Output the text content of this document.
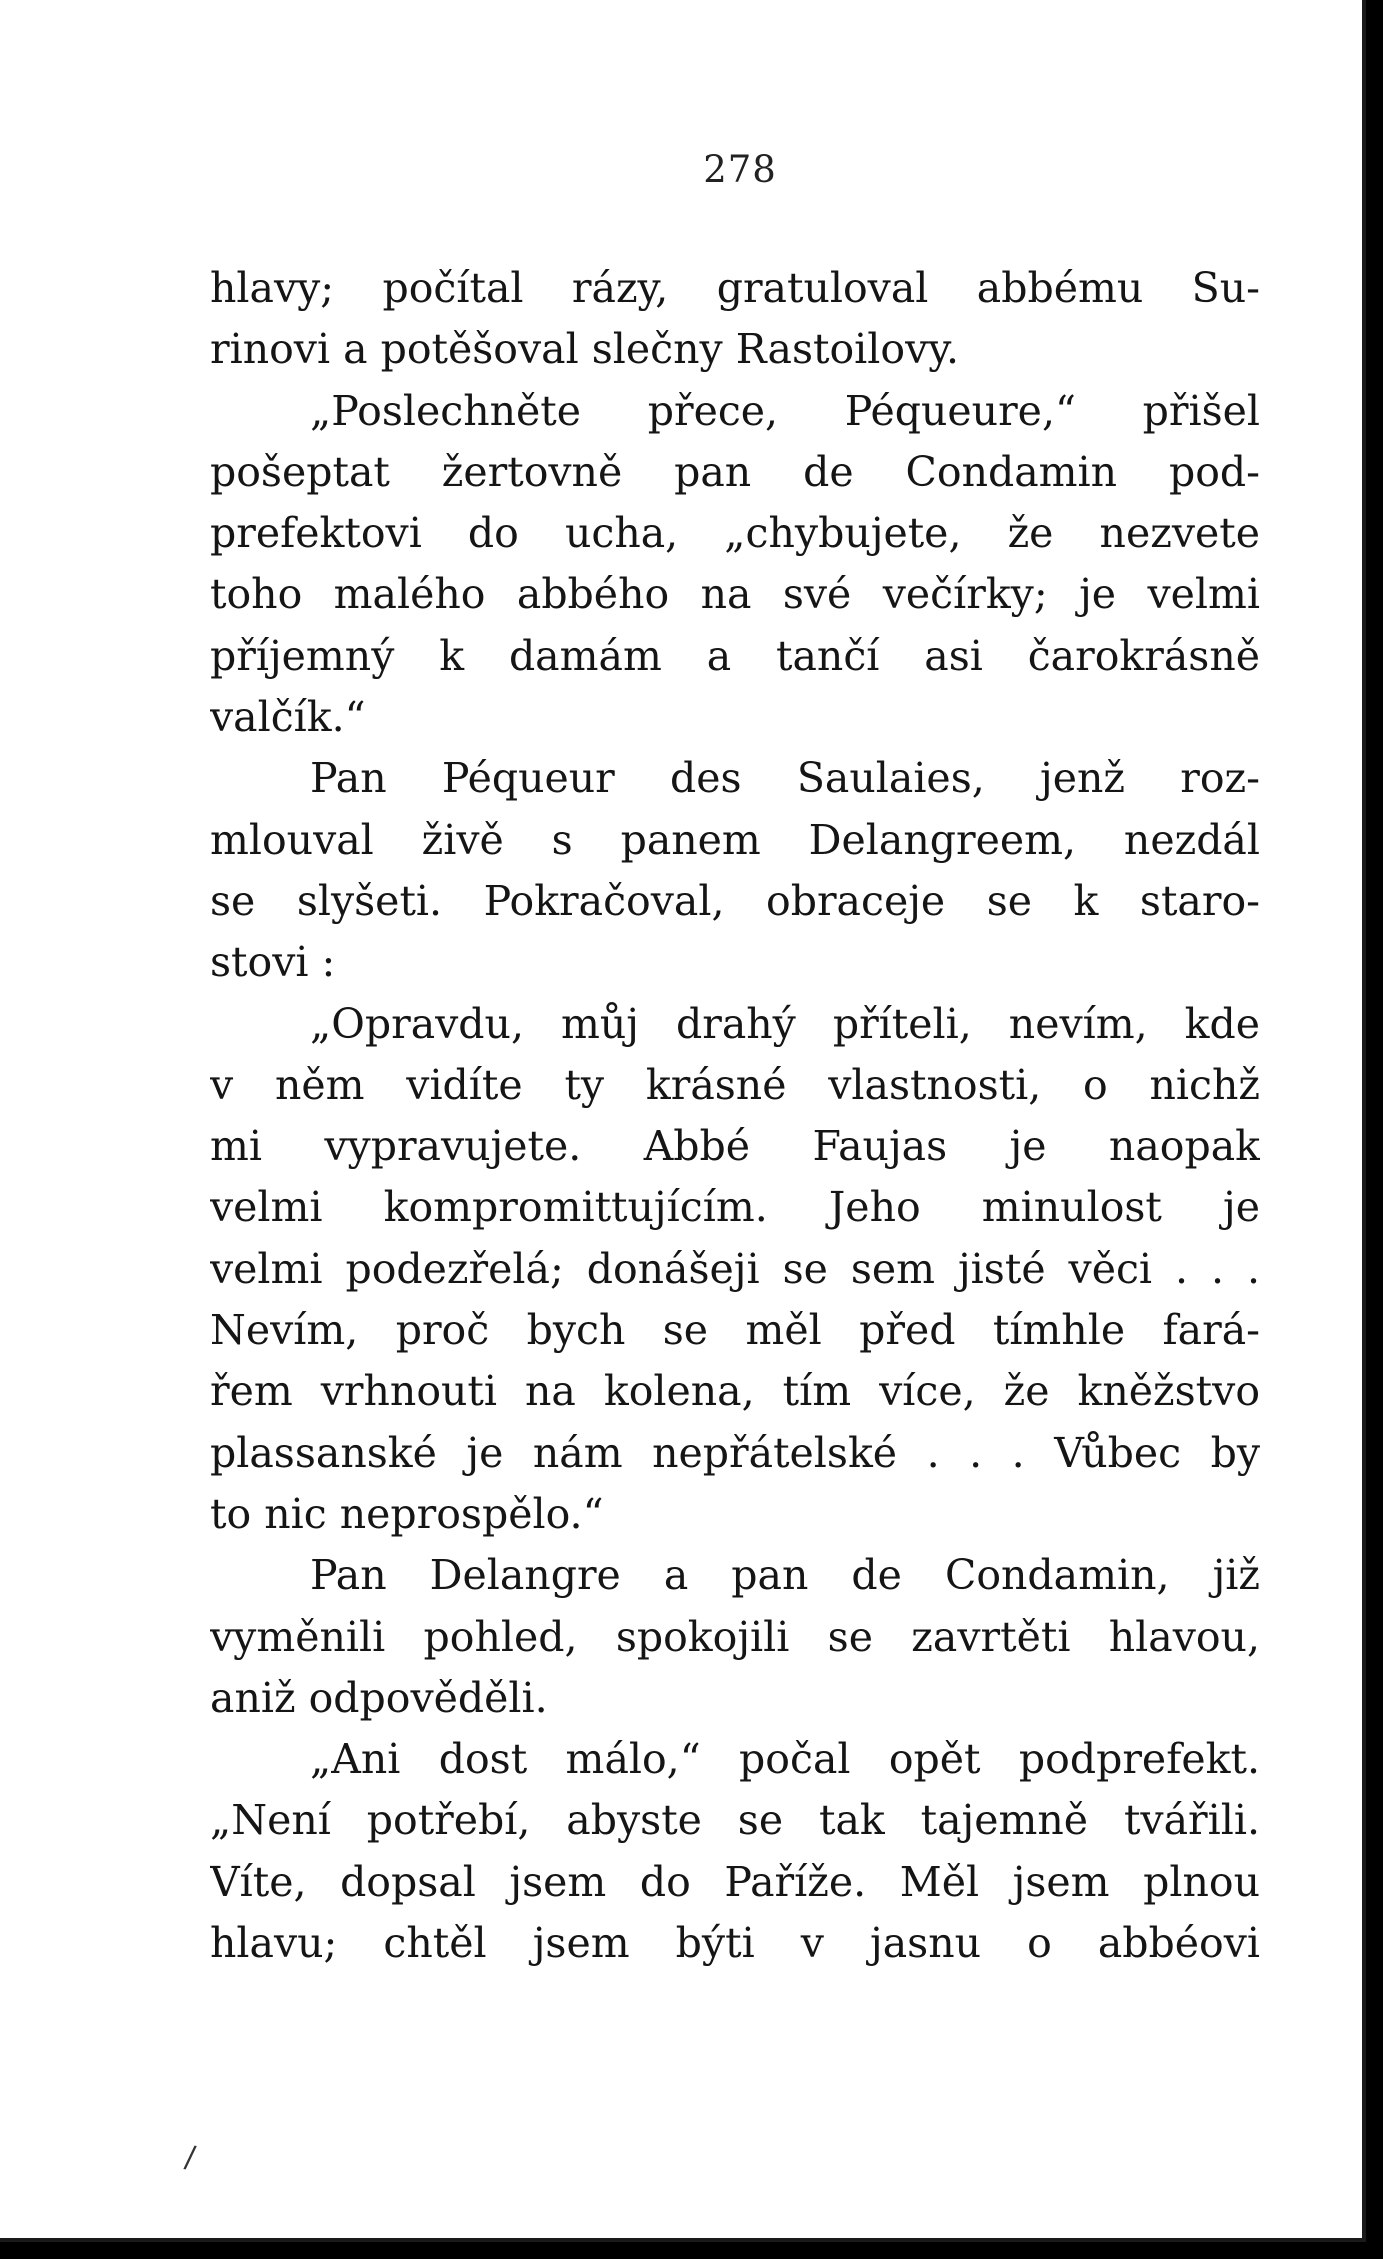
278
hlavy; počítal rázy, gratuloval abbému Su-
rinovi a potěšoval slečny Rastoilovy.
„Poslechněte přece, Péqueure,“ přišel
pošeptat žertovně pan de Condamin pod-
prefektovi do ucha, „chybujete, že nezvete
toho malého abbého na své večírky; je velmi
příjemný k damám a tančí asi čarokrásně
valčík.“
Pan Péqueur des Saulaies, jenž roz-
mlouval živě s panem Delangreem, nezdál
se slyšeti. Pokračoval, obraceje se k staro-
stovi :
„Opravdu, můj drahý příteli, nevím, kde
v něm vidíte ty krásné vlastnosti, o nichž
mi vypravujete. Abbé Faujas je naopak
velmi kompromittujícím. Jeho minulost je
velmi podezřelá; donášeji se sem jisté věci . . .
Nevím, proč bych se měl před tímhle fará-
řem vrhnouti na kolena, tím více, že kněžstvo
plassanské je nám nepřátelské . . . Vůbec by
to nic neprospělo.“
Pan Delangre a pan de Condamin, již
vyměnili pohled, spokojili se zavrtěti hlavou,
aniž odpověděli.
„Ani dost málo,“ počal opět podprefekt.
„Není potřebí, abyste se tak tajemně tvářili.
Víte, dopsal jsem do Paříže. Měl jsem plnou
hlavu; chtěl jsem býti v jasnu o abbéovi
/
